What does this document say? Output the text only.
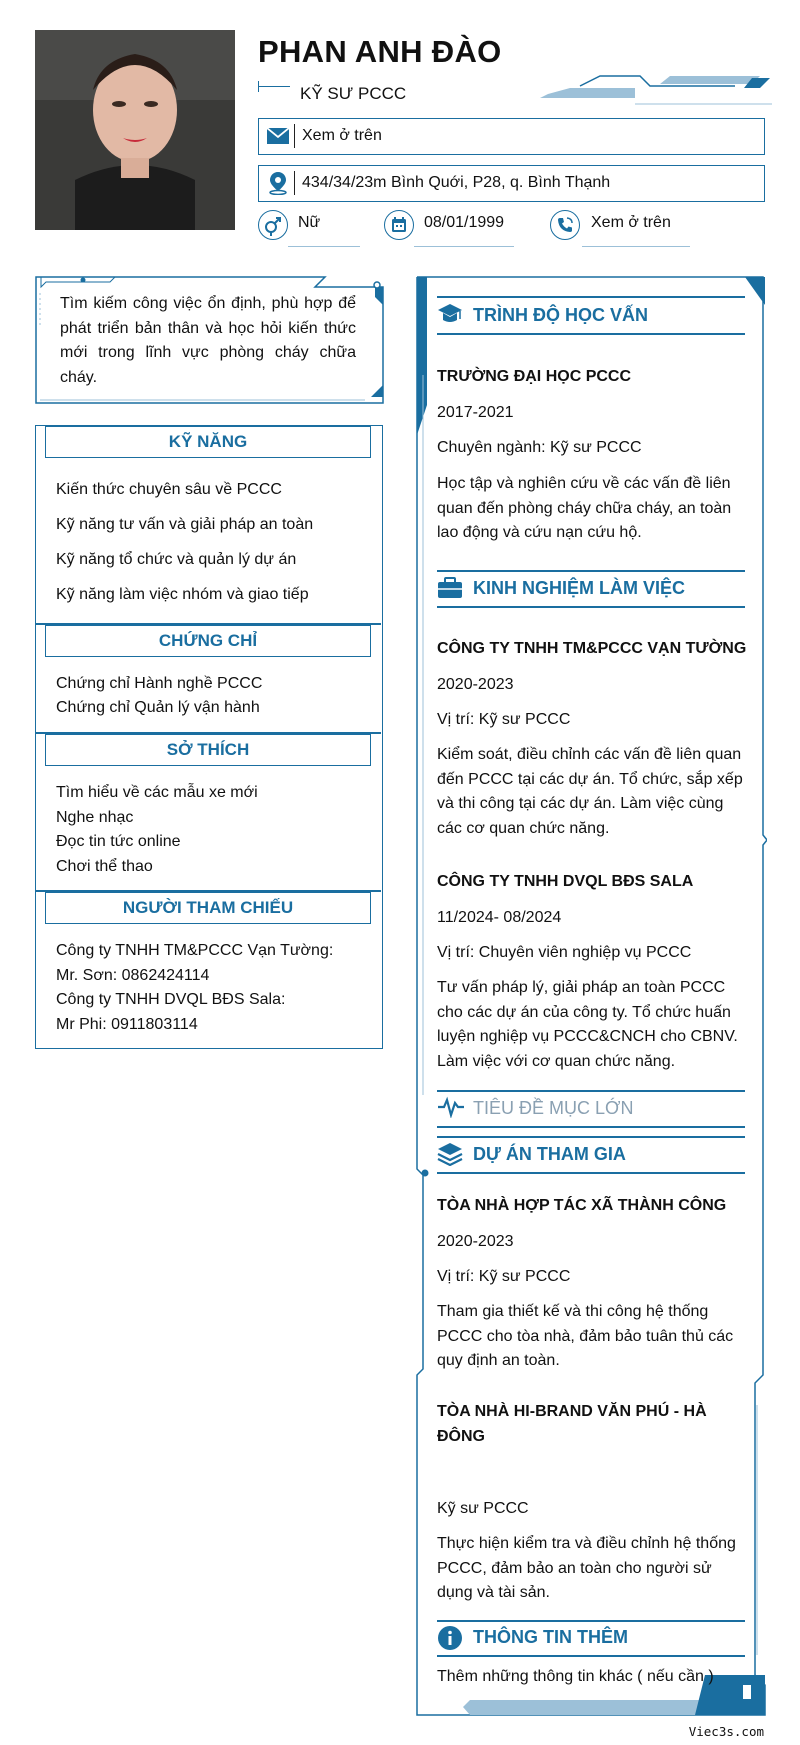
PHAN ANH ĐÀO
KỸ SƯ PCCC
Xem ở trên
434/34/23m Bình Quới, P28, q. Bình Thạnh
Nữ	08/01/1999	Xem ở trên
Tìm kiếm công việc ổn định, phù hợp để phát triển bản thân và học hỏi kiến thức mới trong lĩnh vực phòng cháy chữa cháy.
KỸ NĂNG
Kiến thức chuyên sâu về PCCC
Kỹ năng tư vấn và giải pháp an toàn
Kỹ năng tổ chức và quản lý dự án
Kỹ năng làm việc nhóm và giao tiếp
CHỨNG CHỈ
Chứng chỉ Hành nghề PCCC
Chứng chỉ Quản lý vận hành
SỞ THÍCH
Tìm hiểu về các mẫu xe mới
Nghe nhạc
Đọc tin tức online
Chơi thể thao
NGƯỜI THAM CHIẾU
Công ty TNHH TM&PCCC Vạn Tường:
Mr. Sơn: 0862424114
Công ty TNHH DVQL BĐS Sala:
Mr Phi: 0911803114
TRÌNH ĐỘ HỌC VẤN
TRƯỜNG ĐẠI HỌC PCCC
2017-2021
Chuyên ngành: Kỹ sư PCCC
Học tập và nghiên cứu về các vấn đề liên quan đến phòng cháy chữa cháy, an toàn lao động và cứu nạn cứu hộ.
KINH NGHIỆM LÀM VIỆC
CÔNG TY TNHH TM&PCCC VẠN TƯỜNG
2020-2023
Vị trí: Kỹ sư PCCC
Kiểm soát, điều chỉnh các vấn đề liên quan đến PCCC tại các dự án. Tổ chức, sắp xếp và thi công tại các dự án. Làm việc cùng các cơ quan chức năng.
CÔNG TY TNHH DVQL BĐS SALA
11/2024- 08/2024
Vị trí: Chuyên viên nghiệp vụ PCCC
Tư vấn pháp lý, giải pháp an toàn PCCC cho các dự án của công ty. Tổ chức huấn luyện nghiệp vụ PCCC&CNCH cho CBNV. Làm việc với cơ quan chức năng.
TIÊU ĐỀ MỤC LỚN
DỰ ÁN THAM GIA
TÒA NHÀ HỢP TÁC XÃ THÀNH CÔNG
2020-2023
Vị trí: Kỹ sư PCCC
Tham gia thiết kế và thi công hệ thống PCCC cho tòa nhà, đảm bảo tuân thủ các quy định an toàn.
TÒA NHÀ HI-BRAND VĂN PHÚ - HÀ ĐÔNG
Kỹ sư PCCC
Thực hiện kiểm tra và điều chỉnh hệ thống PCCC, đảm bảo an toàn cho người sử dụng và tài sản.
THÔNG TIN THÊM
Thêm những thông tin khác ( nếu cần )
Viec3s.com
